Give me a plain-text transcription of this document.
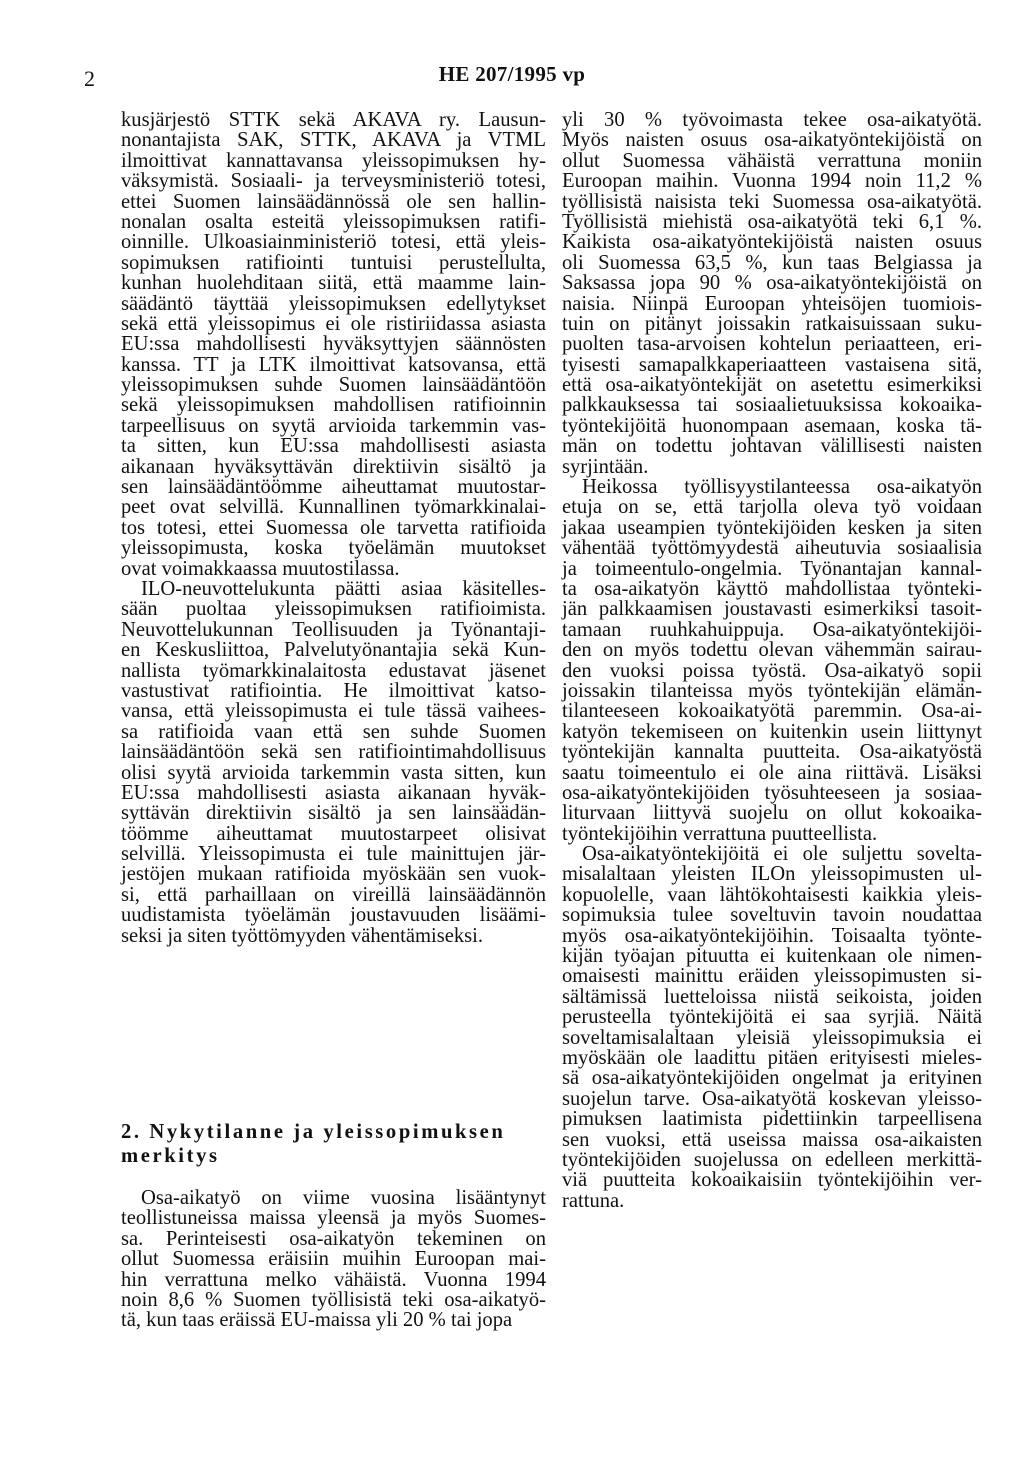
2	HE 207/1995 vp
kusjärjestö STTK sekä AKAVA ry. Lausun-
nonantajista SAK, STTK, AKAVA ja VTML
ilmoittivat kannattavansa yleissopimuksen hy-
väksymistä. Sosiaali- ja terveysministeriö totesi,
ettei Suomen lainsäädännössä ole sen hallin-
nonalan osalta esteitä yleissopimuksen ratifi-
oinnille. Ulkoasiainministeriö totesi, että yleis-
sopimuksen ratifiointi tuntuisi perustellulta,
kunhan huolehditaan siitä, että maamme lain-
säädäntö täyttää yleissopimuksen edellytykset
sekä että yleissopimus ei ole ristiriidassa asiasta
EU:ssa mahdollisesti hyväksyttyjen säännösten
kanssa. TT ja LTK ilmoittivat katsovansa, että
yleissopimuksen suhde Suomen lainsäädäntöön
sekä yleissopimuksen mahdollisen ratifioinnin
tarpeellisuus on syytä arvioida tarkemmin vas-
ta sitten, kun EU:ssa mahdollisesti asiasta
aikanaan hyväksyttävän direktiivin sisältö ja
sen lainsäädäntöömme aiheuttamat muutostar-
peet ovat selvillä. Kunnallinen työmarkkinalai-
tos totesi, ettei Suomessa ole tarvetta ratifioida
yleissopimusta, koska työelämän muutokset
ovat voimakkaassa muutostilassa.
ILO-neuvottelukunta päätti asiaa käsitelles-
sään puoltaa yleissopimuksen ratifioimista.
Neuvottelukunnan Teollisuuden ja Työnantaji-
en Keskusliittoa, Palvelutyönantajia sekä Kun-
nallista työmarkkinalaitosta edustavat jäsenet
vastustivat ratifiointia. He ilmoittivat katso-
vansa, että yleissopimusta ei tule tässä vaihees-
sa ratifioida vaan että sen suhde Suomen
lainsäädäntöön sekä sen ratifiointimahdollisuus
olisi syytä arvioida tarkemmin vasta sitten, kun
EU:ssa mahdollisesti asiasta aikanaan hyväk-
syttävän direktiivin sisältö ja sen lainsäädän-
töömme aiheuttamat muutostarpeet olisivat
selvillä. Yleissopimusta ei tule mainittujen jär-
jestöjen mukaan ratifioida myöskään sen vuok-
si, että parhaillaan on vireillä lainsäädännön
uudistamista työelämän joustavuuden lisäämi-
seksi ja siten työttömyyden vähentämiseksi.
2. Nykytilanne ja yleissopimuksen merkitys
Osa-aikatyö on viime vuosina lisääntynyt
teollistuneissa maissa yleensä ja myös Suomes-
sa. Perinteisesti osa-aikatyön tekeminen on
ollut Suomessa eräisiin muihin Euroopan mai-
hin verrattuna melko vähäistä. Vuonna 1994
noin 8,6 % Suomen työllisistä teki osa-aikatyö-
tä, kun taas eräissä EU-maissa yli 20 % tai jopa
yli 30 % työvoimasta tekee osa-aikatyötä.
Myös naisten osuus osa-aikatyöntekijöistä on
ollut Suomessa vähäistä verrattuna moniin
Euroopan maihin. Vuonna 1994 noin 11,2 %
työllisistä naisista teki Suomessa osa-aikatyötä.
Työllisistä miehistä osa-aikatyötä teki 6,1 %.
Kaikista osa-aikatyöntekijöistä naisten osuus
oli Suomessa 63,5 %, kun taas Belgiassa ja
Saksassa jopa 90 % osa-aikatyöntekijöistä on
naisia. Niinpä Euroopan yhteisöjen tuomiois-
tuin on pitänyt joissakin ratkaisuissaan suku-
puolten tasa-arvoisen kohtelun periaatteen, eri-
tyisesti samapalkkaperiaatteen vastaisena sitä,
että osa-aikatyöntekijät on asetettu esimerkiksi
palkkauksessa tai sosiaalietuuksissa kokoaika-
työntekijöitä huonompaan asemaan, koska tä-
män on todettu johtavan välillisesti naisten
syrjintään.
Heikossa työllisyystilanteessa osa-aikatyön
etuja on se, että tarjolla oleva työ voidaan
jakaa useampien työntekijöiden kesken ja siten
vähentää työttömyydestä aiheutuvia sosiaalisia
ja toimeentulo-ongelmia. Työnantajan kannal-
ta osa-aikatyön käyttö mahdollistaa työnteki-
jän palkkaamisen joustavasti esimerkiksi tasoit-
tamaan ruuhkahuippuja. Osa-aikatyöntekijöi-
den on myös todettu olevan vähemmän sairau-
den vuoksi poissa työstä. Osa-aikatyö sopii
joissakin tilanteissa myös työntekijän elämän-
tilanteeseen kokoaikatyötä paremmin. Osa-ai-
katyön tekemiseen on kuitenkin usein liittynyt
työntekijän kannalta puutteita. Osa-aikatyöstä
saatu toimeentulo ei ole aina riittävä. Lisäksi
osa-aikatyöntekijöiden työsuhteeseen ja sosiaa-
liturvaan liittyvä suojelu on ollut kokoaika-
työntekijöihin verrattuna puutteellista.
Osa-aikatyöntekijöitä ei ole suljettu sovelta-
misalaltaan yleisten ILOn yleissopimusten ul-
kopuolelle, vaan lähtökohtaisesti kaikkia yleis-
sopimuksia tulee soveltuvin tavoin noudattaa
myös osa-aikatyöntekijöihin. Toisaalta työnte-
kijän työajan pituutta ei kuitenkaan ole nimen-
omaisesti mainittu eräiden yleissopimusten si-
sältämissä luetteloissa niistä seikoista, joiden
perusteella työntekijöitä ei saa syrjiä. Näitä
soveltamisalaltaan yleisiä yleissopimuksia ei
myöskään ole laadittu pitäen erityisesti mieles-
sä osa-aikatyöntekijöiden ongelmat ja erityinen
suojelun tarve. Osa-aikatyötä koskevan yleisso-
pimuksen laatimista pidettiinkin tarpeellisena
sen vuoksi, että useissa maissa osa-aikaisten
työntekijöiden suojelussa on edelleen merkittä-
viä puutteita kokoaikaisiin työntekijöihin ver-
rattuna.
